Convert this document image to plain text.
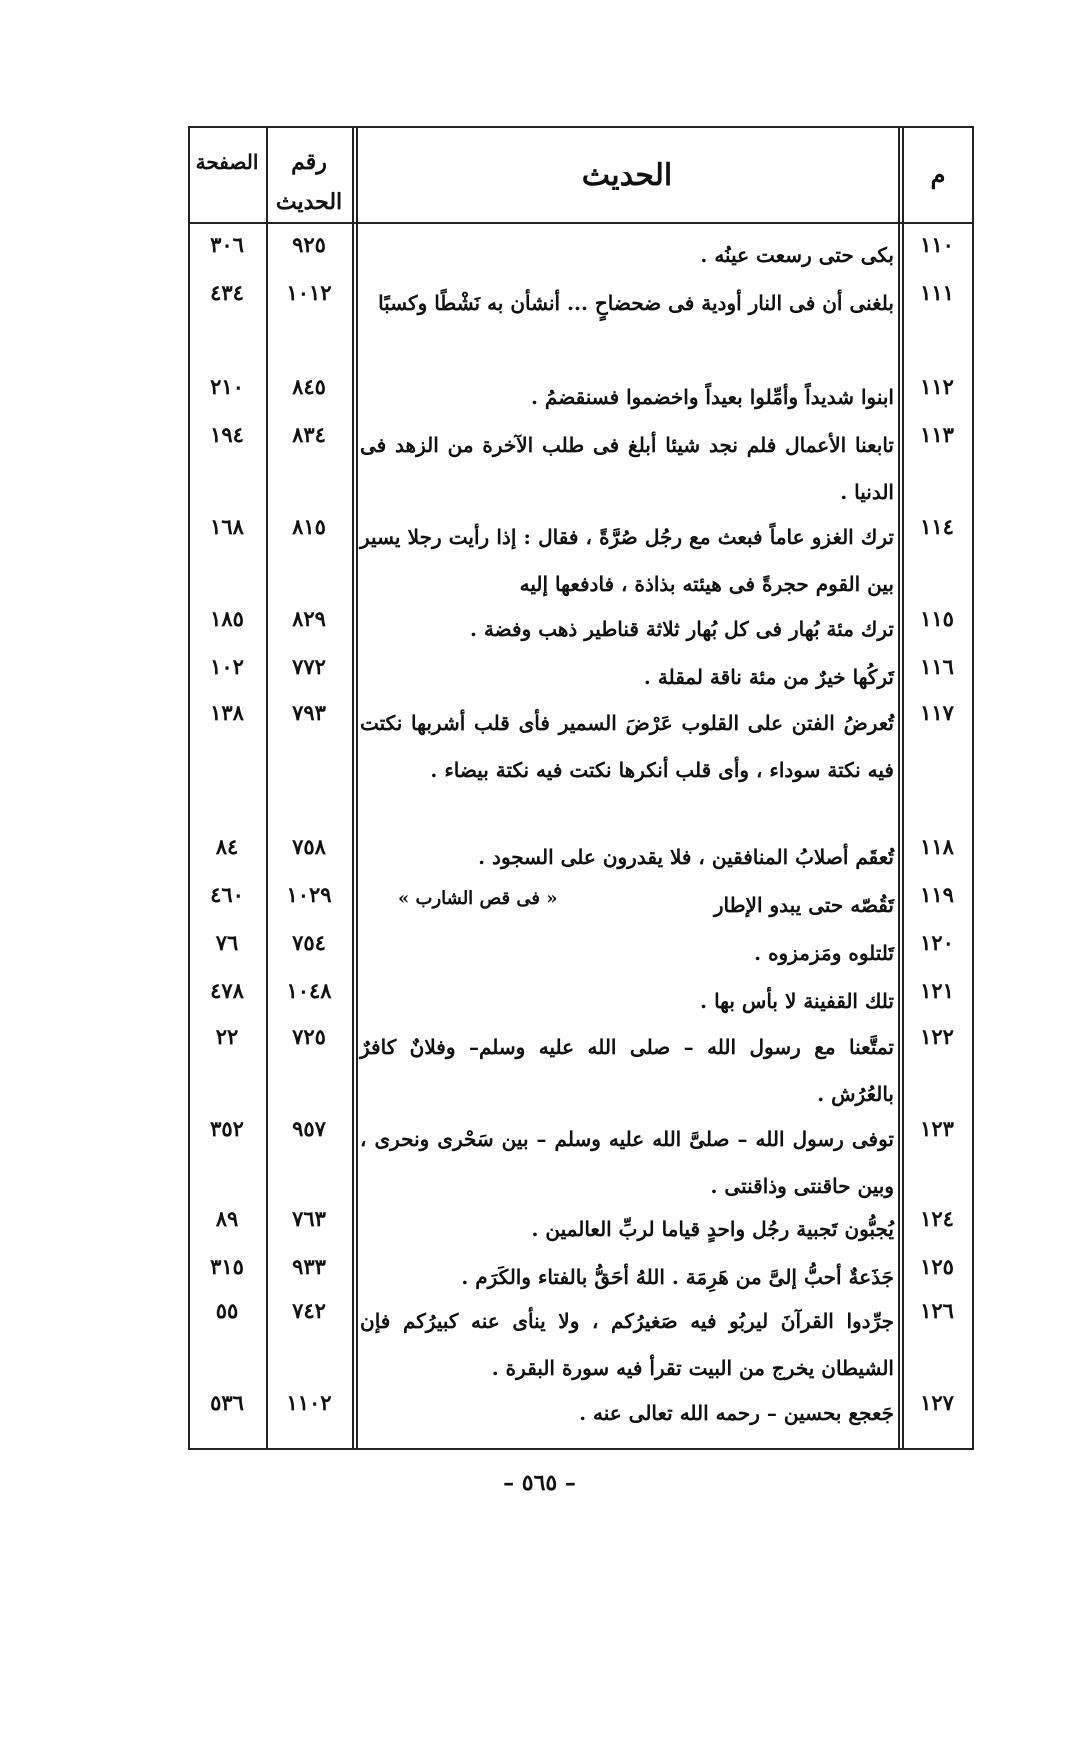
م
الحديث
رقم
الحديث
الصفحة
١١٠
بكى حتى رسعت عينُه .
٩٢٥
٣٠٦
١١١
بلغنى أن فى النار أودية فى ضحضاحٍ ... أنشأن به نَشْطًا وكسبًا
١٠١٢
٤٣٤
١١٢
ابنوا شديداً وأمِّلوا بعيداً واخضموا فسنقضمُ .
٨٤٥
٢١٠
١١٣
تابعنا الأعمال فلم نجد شيئا أبلغ فى طلب الآخرة من الزهد فى الدنيا .
٨٣٤
١٩٤
١١٤
ترك الغزو عاماً فبعث مع رجُل صُرَّةً ، فقال : إذا رأيت رجلا يسير بين القوم حجرةً فى هيئته بذاذة ، فادفعها إليه
٨١٥
١٦٨
١١٥
ترك مئة بُهار فى كل بُهار ثلاثة قناطير ذهب وفضة .
٨٢٩
١٨٥
١١٦
تَركُها خيرٌ من مئة ناقة لمقلة .
٧٧٢
١٠٢
١١٧
تُعرضُ الفتن على القلوب عَرْضَ السمير فأى قلب أشربها نكتت فيه نكتة سوداء ، وأى قلب أنكرها نكتت فيه نكتة بيضاء .
٧٩٣
١٣٨
١١٨
تُعقَم أصلابُ المنافقين ، فلا يقدرون على السجود .
٧٥٨
٨٤
١١٩
تَقُصّه حتى يبدو الإطار
« فى قص الشارب »
١٠٢٩
٤٦٠
١٢٠
تَلتلوه ومَزمزوه .
٧٥٤
٧٦
١٢١
تلك القفينة لا بأس بها .
١٠٤٨
٤٧٨
١٢٢
تمتَّعنا مع رسول الله – صلى الله عليه وسلم– وفلانٌ كافرٌ بالعُرُش .
٧٢٥
٢٢
١٢٣
توفى رسول الله – صلىَّ الله عليه وسلم – بين سَحْرى ونحرى ، وبين حاقنتى وذاقنتى .
٩٥٧
٣٥٢
١٢٤
يُجبُّون تَجبية رجُل واحدٍ قياما لربِّ العالمين .
٧٦٣
٨٩
١٢٥
جَذَعةٌ أحبُّ إلىَّ من هَرِمَة . اللهُ أحَقُّ بالفتاء والكَرَم .
٩٣٣
٣١٥
١٢٦
جرِّدوا القرآنَ ليربُو فيه صَغيرُكم ، ولا ينأى عنه كبيرُكم فإن الشيطان يخرج من البيت تقرأ فيه سورة البقرة .
٧٤٢
٥٥
١٢٧
جَعجع بحسين – رحمه الله تعالى عنه .
١١٠٢
٥٣٦
– ٥٦٥ –
